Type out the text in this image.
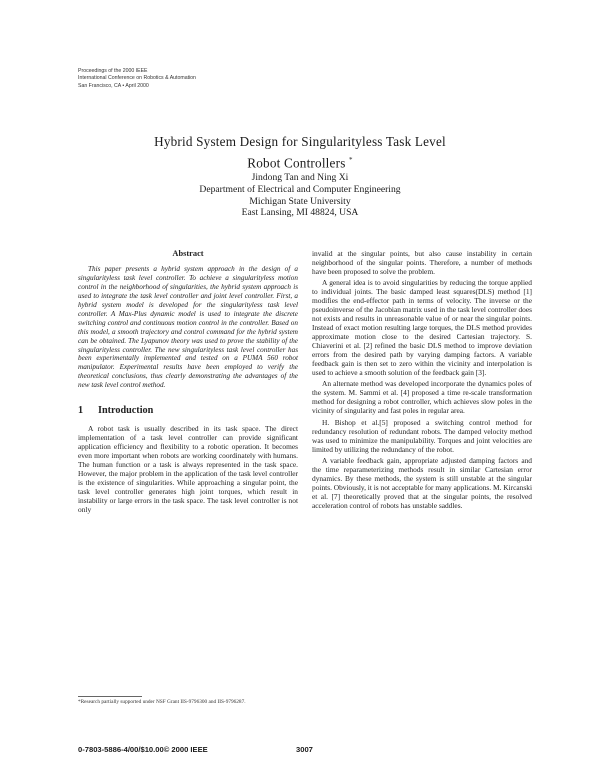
Proceedings of the 2000 IEEE
International Conference on Robotics & Automation
San Francisco, CA • April 2000
Hybrid System Design for Singularityless Task Level
Robot Controllers *
Jindong Tan and Ning Xi
Department of Electrical and Computer Engineering
Michigan State University
East Lansing, MI 48824, USA
Abstract

This paper presents a hybrid system approach in the design of a singularityless task level controller. To achieve a singularityless motion control in the neighborhood of singularities, the hybrid system approach is used to integrate the task level controller and joint level controller. First, a hybrid system model is developed for the singularityless task level controller. A Max-Plus dynamic model is used to integrate the discrete switching control and continuous motion control in the controller. Based on this model, a smooth trajectory and control command for the hybrid system can be obtained. The Lyapunov theory was used to prove the stability of the singularityless controller. The new singularityless task level controller has been experimentally implemented and tested on a PUMA 560 robot manipulator. Experimental results have been employed to verify the theoretical conclusions, thus clearly demonstrating the advantages of the new task level control method.

1 Introduction

A robot task is usually described in its task space. The direct implementation of a task level controller can provide significant application efficiency and flexibility to a robotic operation. It becomes even more important when robots are working coordinately with humans. The human function or a task is always represented in the task space. However, the major problem in the application of the task level controller is the existence of singularities. While approaching a singular point, the task level controller generates high joint torques, which result in instability or large errors in the task space. The task level controller is not only

*Research partially supported under NSF Grant IIS-9796300 and IIS-9796287.

invalid at the singular points, but also cause instability in certain neighborhood of the singular points. Therefore, a number of methods have been proposed to solve the problem.

A general idea is to avoid singularities by reducing the torque applied to individual joints. The basic damped least squares(DLS) method [1] modifies the end-effector path in terms of velocity. The inverse or the pseudoinverse of the Jacobian matrix used in the task level controller does not exists and results in unreasonable value of or near the singular points. Instead of exact motion resulting large torques, the DLS method provides approximate motion close to the desired Cartesian trajectory. S. Chiaverini et al. [2] refined the basic DLS method to improve deviation errors from the desired path by varying damping factors. A variable feedback gain is then set to zero within the vicinity and interpolation is used to achieve a smooth solution of the feedback gain [3].

An alternate method was developed incorporate the dynamics poles of the system. M. Sammi et al. [4] proposed a time re-scale transformation method for designing a robot controller, which achieves slow poles in the vicinity of singularity and fast poles in regular area.

H. Bishop et al.[5] proposed a switching control method for redundancy resolution of redundant robots. The damped velocity method was used to minimize the manipulability. Torques and joint velocities are limited by utilizing the redundancy of the robot.

A variable feedback gain, appropriate adjusted damping factors and the time reparameterizing methods result in similar Cartesian error dynamics. By these methods, the system is still unstable at the singular points. Obviously, it is not acceptable for many applications. M. Kircanski et al. [7] theoretically proved that at the singular points, the resolved acceleration control of robots has unstable saddles.

0-7803-5886-4/00/$10.00© 2000 IEEE	3007
